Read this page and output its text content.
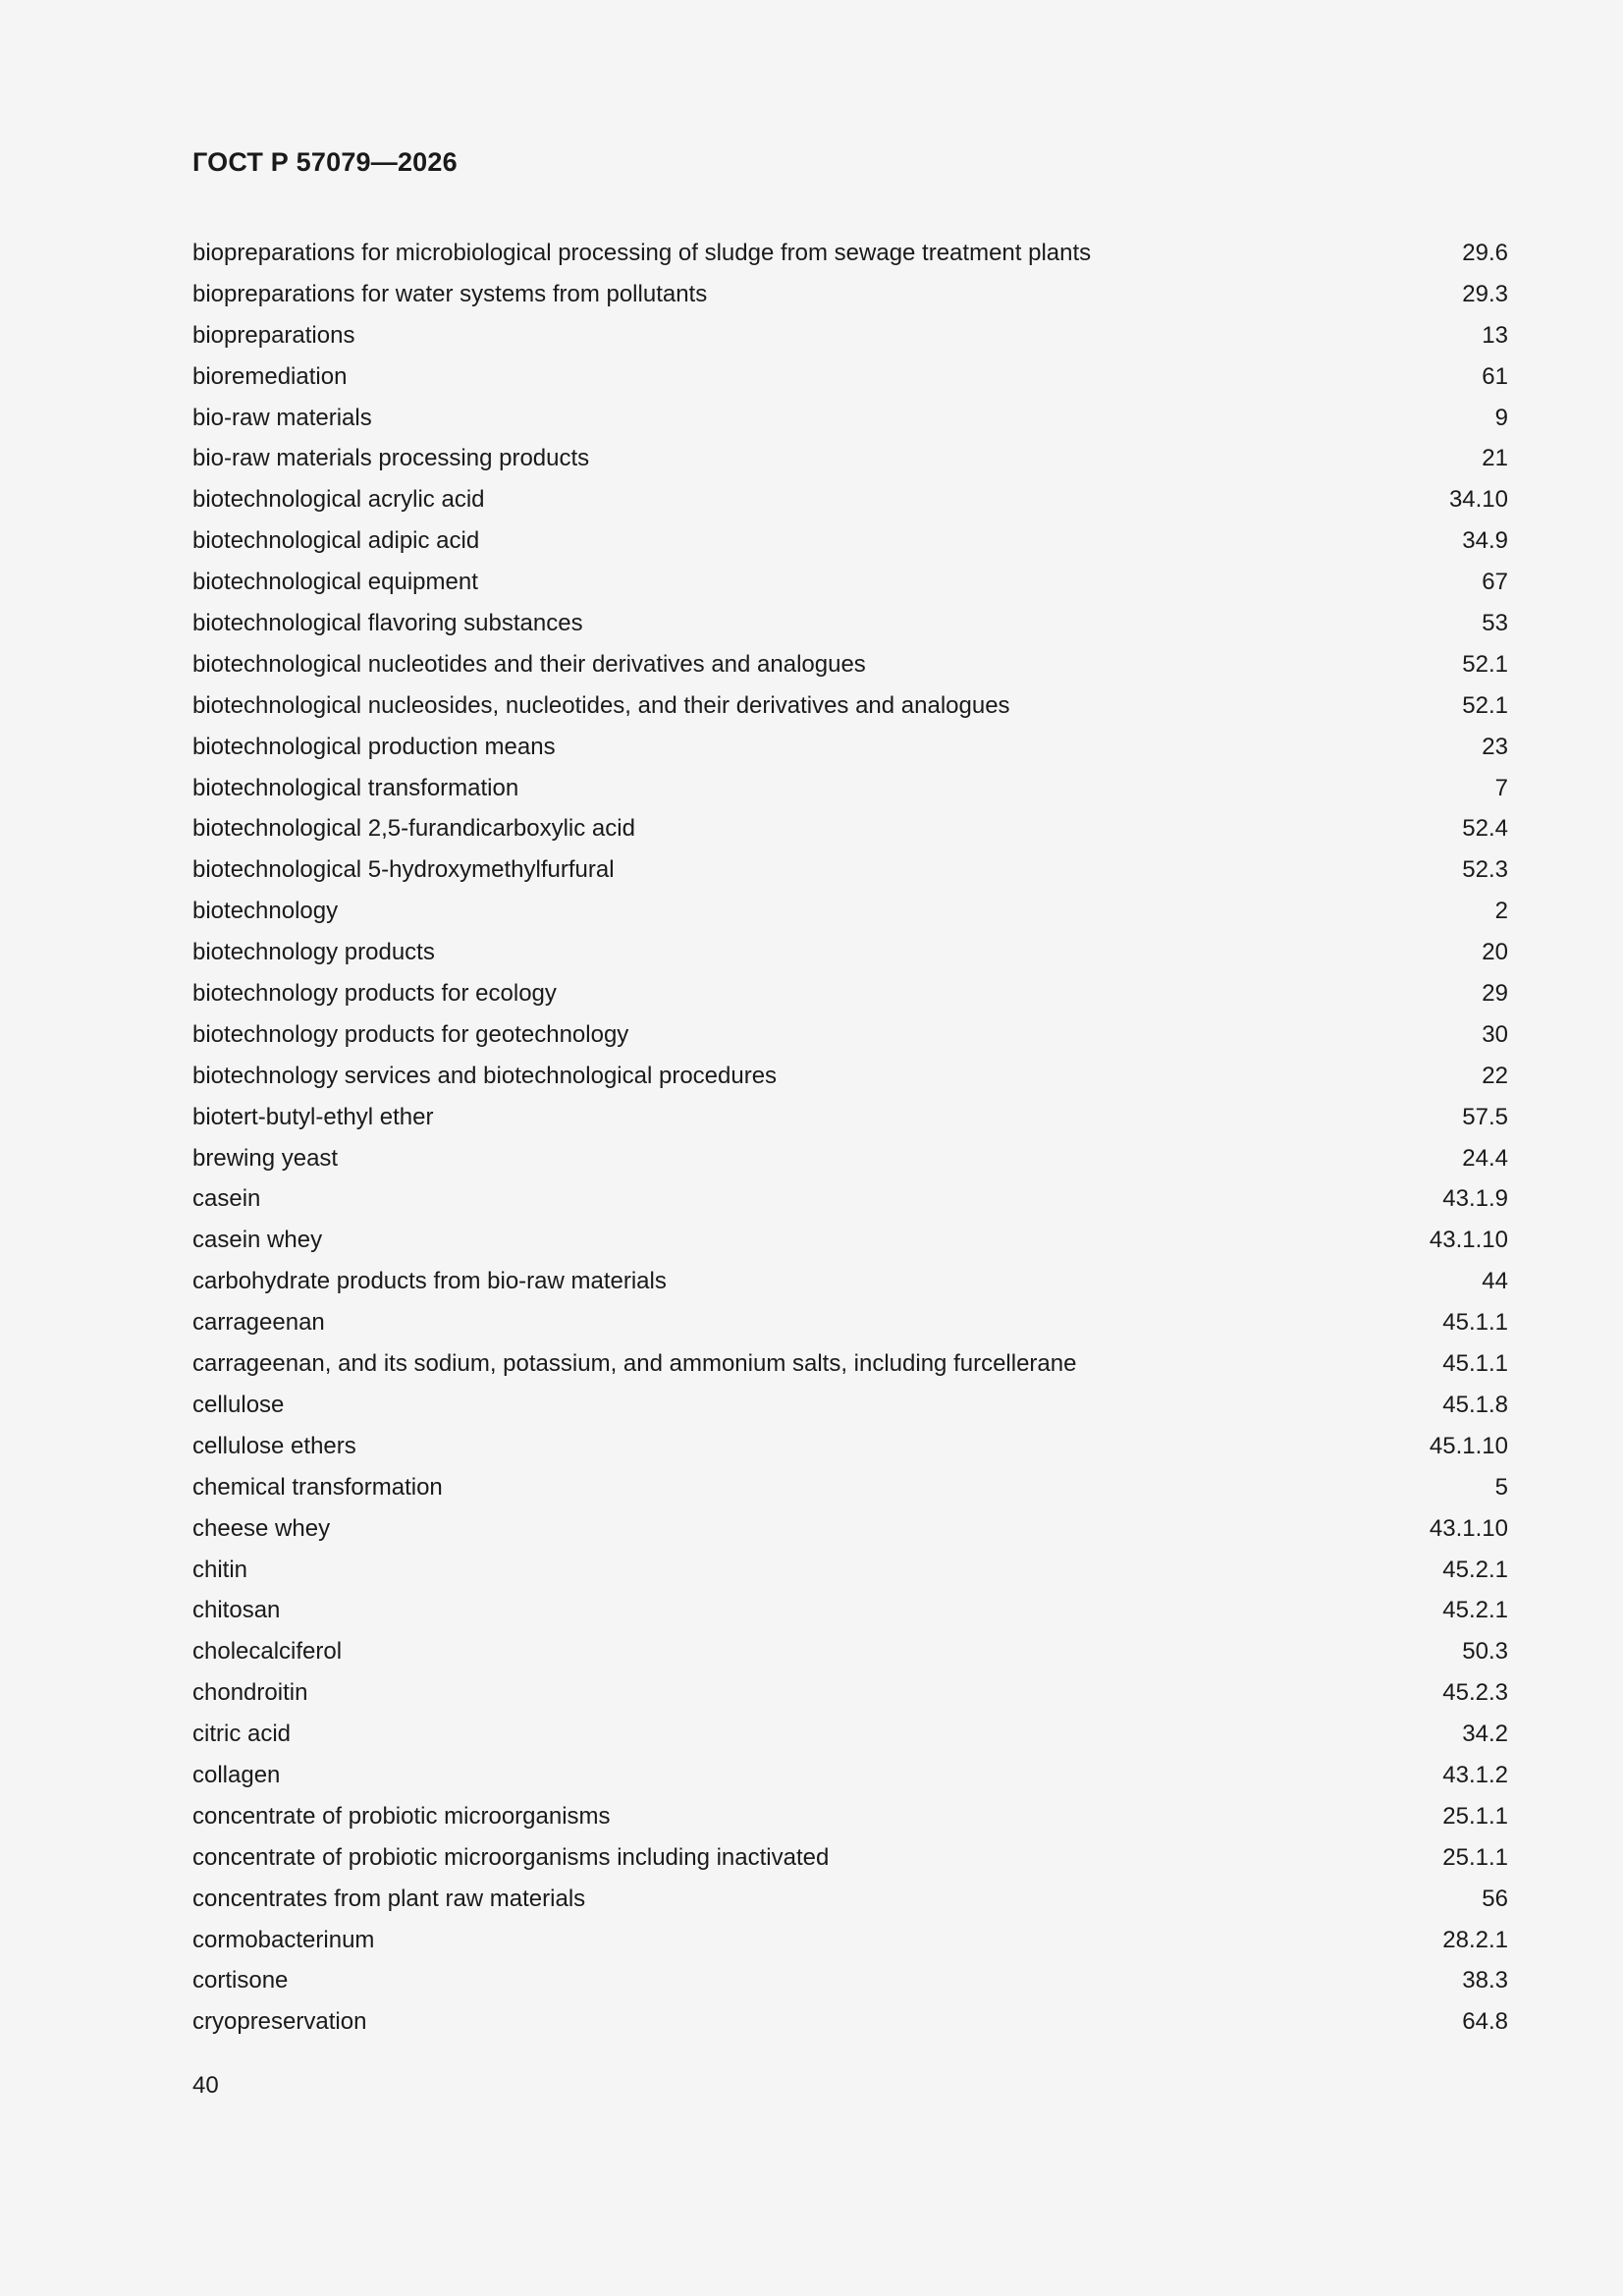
ГОСТ Р 57079—2026
biopreparations for microbiological processing of sludge from sewage treatment plants	29.6
biopreparations for water systems from pollutants	29.3
biopreparations	13
bioremediation	61
bio-raw materials	9
bio-raw materials processing products	21
biotechnological acrylic acid	34.10
biotechnological adipic acid	34.9
biotechnological equipment	67
biotechnological flavoring substances	53
biotechnological nucleotides and their derivatives and analogues	52.1
biotechnological nucleosides, nucleotides, and their derivatives and analogues	52.1
biotechnological production means	23
biotechnological transformation	7
biotechnological 2,5-furandicarboxylic acid	52.4
biotechnological 5-hydroxymethylfurfural	52.3
biotechnology	2
biotechnology products	20
biotechnology products for ecology	29
biotechnology products for geotechnology	30
biotechnology services and biotechnological procedures	22
biotert-butyl-ethyl ether	57.5
brewing yeast	24.4
casein	43.1.9
casein whey	43.1.10
carbohydrate products from bio-raw materials	44
carrageenan	45.1.1
carrageenan, and its sodium, potassium, and ammonium salts, including furcellerane	45.1.1
cellulose	45.1.8
cellulose ethers	45.1.10
chemical transformation	5
cheese whey	43.1.10
chitin	45.2.1
chitosan	45.2.1
cholecalciferol	50.3
chondroitin	45.2.3
citric acid	34.2
collagen	43.1.2
concentrate of probiotic microorganisms	25.1.1
concentrate of probiotic microorganisms including inactivated	25.1.1
concentrates from plant raw materials	56
cormobacterinum	28.2.1
cortisone	38.3
cryopreservation	64.8
40
